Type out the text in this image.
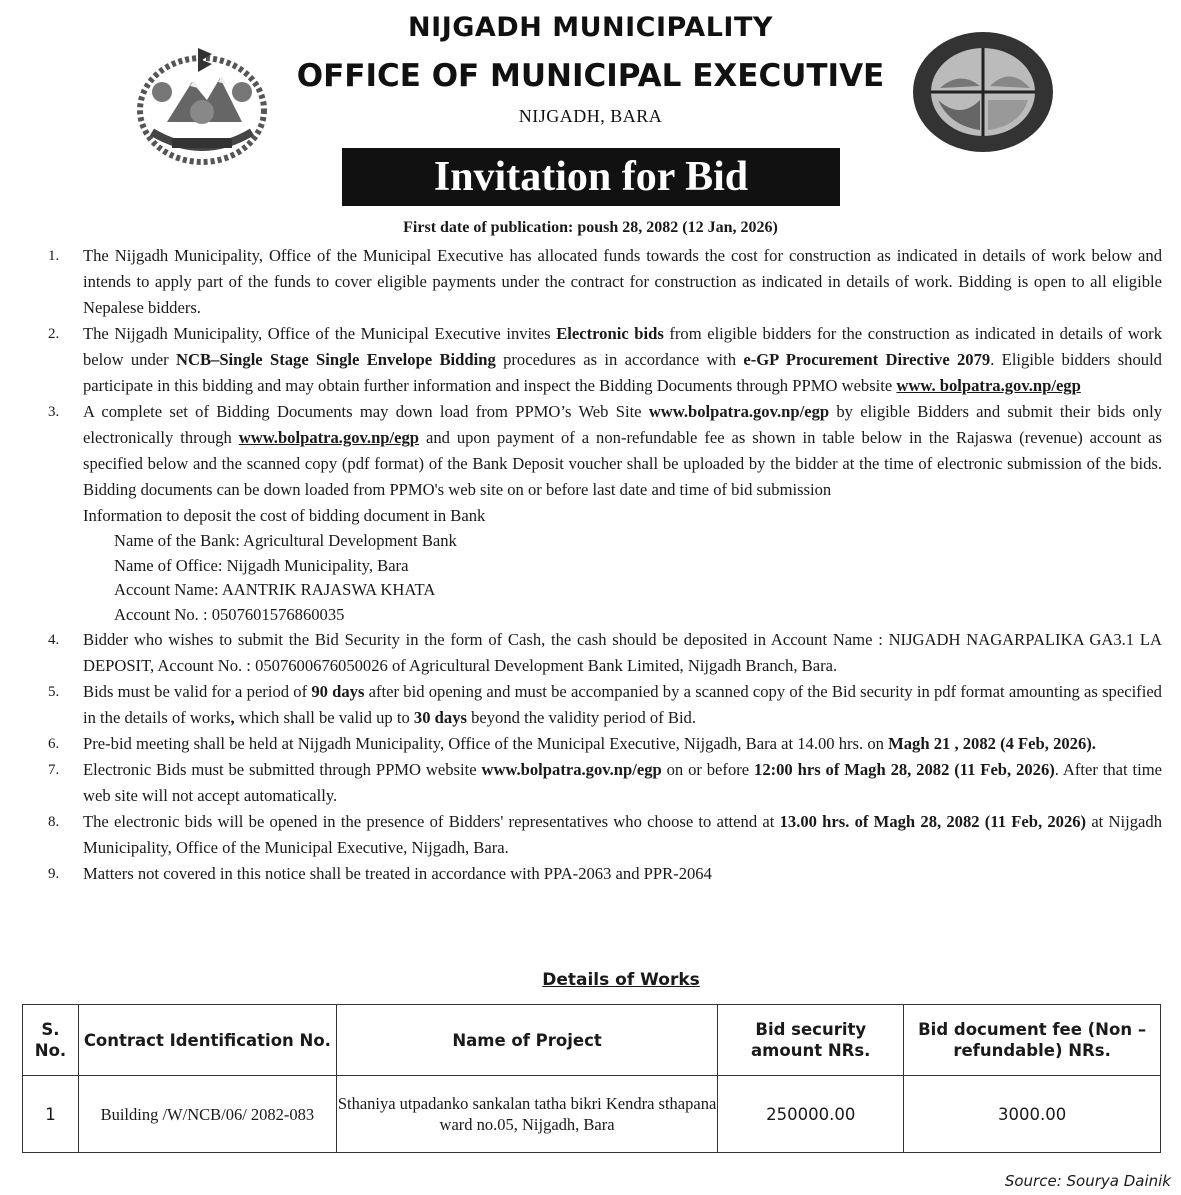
NIJGADH MUNICIPALITY
OFFICE OF MUNICIPAL EXECUTIVE
NIJGADH, BARA
Invitation for Bid
First date of publication: poush 28, 2082 (12 Jan, 2026)
1.	The Nijgadh Municipality, Office of the Municipal Executive has allocated funds towards the cost for construction as indicated in details of work below and intends to apply part of the funds to cover eligible payments under the contract for construction as indicated in details of work. Bidding is open to all eligible Nepalese bidders.
2.	The Nijgadh Municipality, Office of the Municipal Executive invites Electronic bids from eligible bidders for the construction as indicated in details of work below under NCB–Single Stage Single Envelope Bidding procedures as in accordance with e-GP Procurement Directive 2079. Eligible bidders should participate in this bidding and may obtain further information and inspect the Bidding Documents through PPMO website www. bolpatra.gov.np/egp
3.	A complete set of Bidding Documents may down load from PPMO’s Web Site www.bolpatra.gov.np/egp by eligible Bidders and submit their bids only electronically through www.bolpatra.gov.np/egp and upon payment of a non-refundable fee as shown in table below in the Rajaswa (revenue) account as specified below and the scanned copy (pdf format) of the Bank Deposit voucher shall be uploaded by the bidder at the time of electronic submission of the bids. Bidding documents can be down loaded from PPMO's web site on or before last date and time of bid submission
Information to deposit the cost of bidding document in Bank
Name of the Bank: Agricultural Development Bank
Name of Office: Nijgadh Municipality, Bara
Account Name: AANTRIK RAJASWA KHATA
Account No. : 0507601576860035
4.	Bidder who wishes to submit the Bid Security in the form of Cash, the cash should be deposited in Account Name : NIJGADH NAGARPALIKA GA3.1 LA DEPOSIT, Account No. : 0507600676050026 of Agricultural Development Bank Limited, Nijgadh Branch, Bara.
5.	Bids must be valid for a period of 90 days after bid opening and must be accompanied by a scanned copy of the Bid security in pdf format amounting as specified in the details of works, which shall be valid up to 30 days beyond the validity period of Bid.
6.	Pre-bid meeting shall be held at Nijgadh Municipality, Office of the Municipal Executive, Nijgadh, Bara at 14.00 hrs. on Magh 21 , 2082 (4 Feb, 2026).
7.	Electronic Bids must be submitted through PPMO website www.bolpatra.gov.np/egp on or before 12:00 hrs of Magh 28, 2082 (11 Feb, 2026). After that time web site will not accept automatically.
8.	The electronic bids will be opened in the presence of Bidders' representatives who choose to attend at 13.00 hrs. of Magh 28, 2082 (11 Feb, 2026) at Nijgadh Municipality, Office of the Municipal Executive, Nijgadh, Bara.
9.	Matters not covered in this notice shall be treated in accordance with PPA-2063 and PPR-2064
Details of Works
S. No.	Contract Identification No.	Name of Project	Bid security amount NRs.	Bid document fee (Non – refundable) NRs.
1	Building /W/NCB/06/ 2082-083	Sthaniya utpadanko sankalan tatha bikri Kendra sthapana ward no.05, Nijgadh, Bara	250000.00	3000.00
Source: Sourya Dainik
